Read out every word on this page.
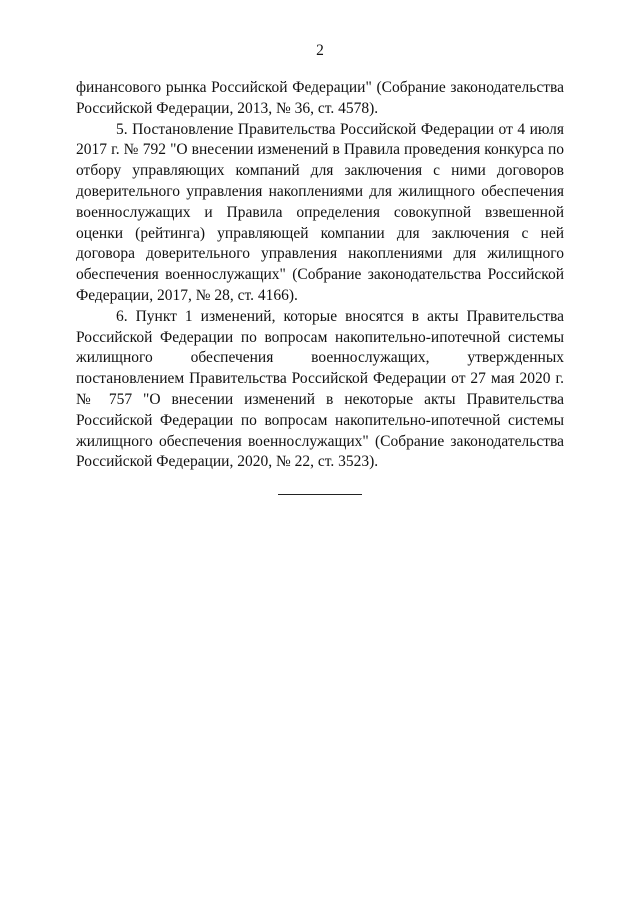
2

финансового рынка Российской Федерации" (Собрание законодательства Российской Федерации, 2013, № 36, ст. 4578).

5. Постановление Правительства Российской Федерации от 4 июля 2017 г. № 792 "О внесении изменений в Правила проведения конкурса по отбору управляющих компаний для заключения с ними договоров доверительного управления накоплениями для жилищного обеспечения военнослужащих и Правила определения совокупной взвешенной оценки (рейтинга) управляющей компании для заключения с ней договора доверительного управления накоплениями для жилищного обеспечения военнослужащих" (Собрание законодательства Российской Федерации, 2017, № 28, ст. 4166).

6. Пункт 1 изменений, которые вносятся в акты Правительства Российской Федерации по вопросам накопительно-ипотечной системы жилищного обеспечения военнослужащих, утвержденных постановлением Правительства Российской Федерации от 27 мая 2020 г. № 757 "О внесении изменений в некоторые акты Правительства Российской Федерации по вопросам накопительно-ипотечной системы жилищного обеспечения военнослужащих" (Собрание законодательства Российской Федерации, 2020, № 22, ст. 3523).
